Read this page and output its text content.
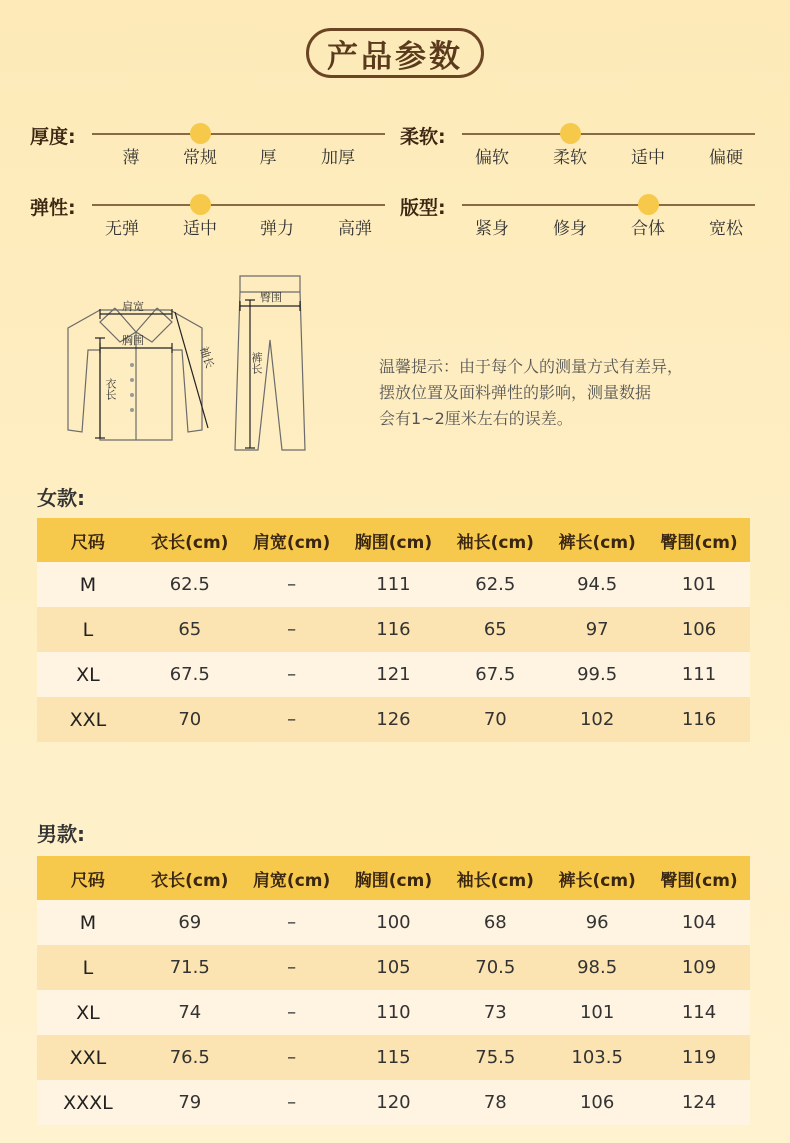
产品参数
厚度:
薄	常规	厚	加厚
柔软:
偏软	柔软	适中	偏硬
弹性:
无弹	适中	弹力	高弹
版型:
紧身	修身	合体	宽松
肩宽
胸围
衣长
袖长
臀围
裤长	温馨提示：由于每个人的测量方式有差异，
摆放位置及面料弹性的影响，测量数据
会有1~2厘米左右的误差。
女款:
尺码	衣长(cm)	肩宽(cm)	胸围(cm)	袖长(cm)	裤长(cm)	臀围(cm)
M	62.5	–	111	62.5	94.5	101
L	65	–	116	65	97	106
XL	67.5	–	121	67.5	99.5	111
XXL	70	–	126	70	102	116
男款:
尺码	衣长(cm)	肩宽(cm)	胸围(cm)	袖长(cm)	裤长(cm)	臀围(cm)
M	69	–	100	68	96	104
L	71.5	–	105	70.5	98.5	109
XL	74	–	110	73	101	114
XXL	76.5	–	115	75.5	103.5	119
XXXL	79	–	120	78	106	124
